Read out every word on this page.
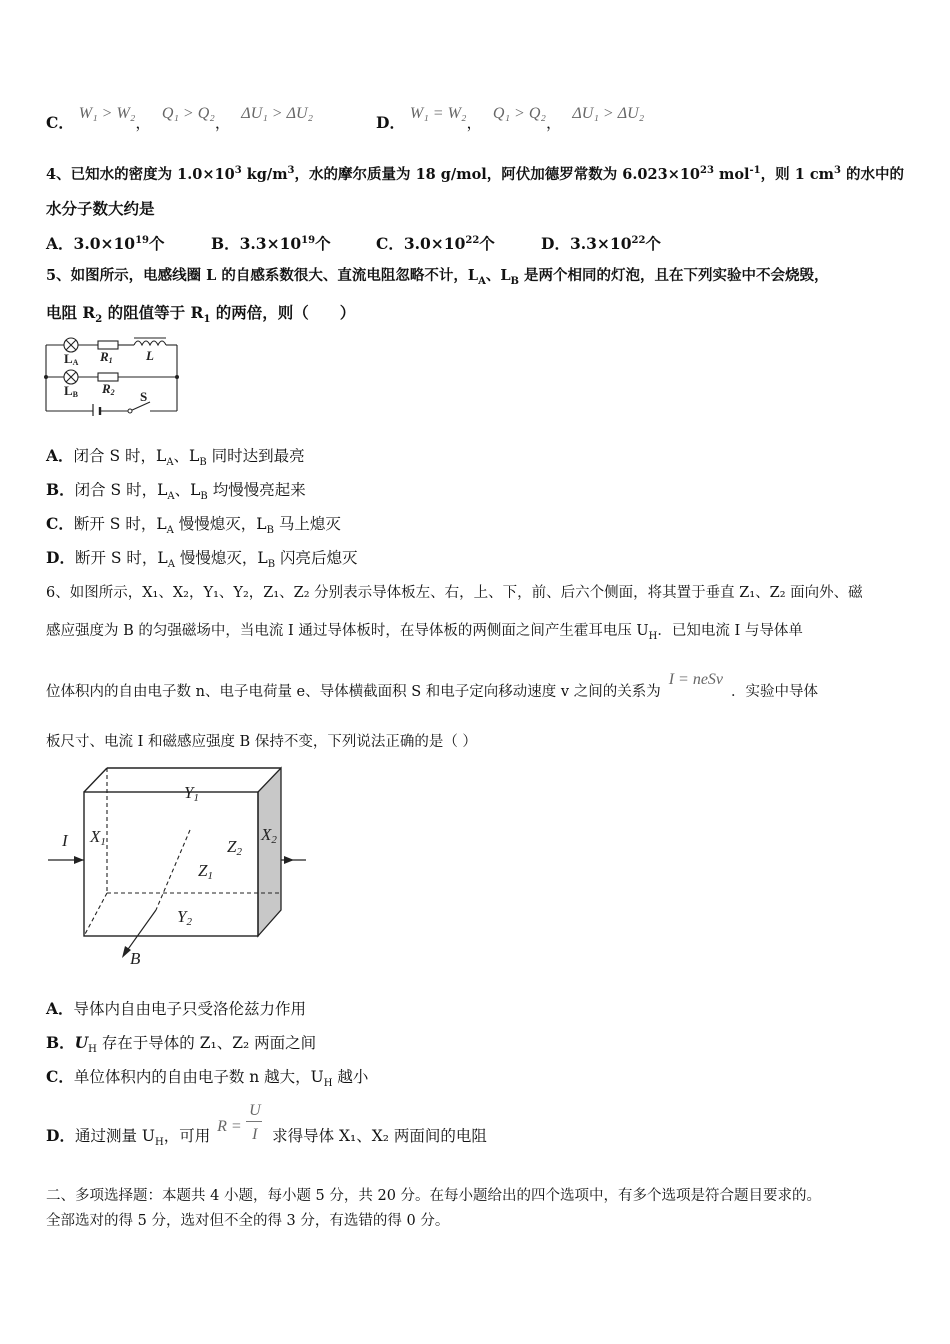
C． W₁ > W₂， Q₁ > Q₂， ΔU₁ > ΔU₂	D． W₁ = W₂， Q₁ > Q₂， ΔU₁ > ΔU₂
4、已知水的密度为 $1.0\times 10^3$ $kg/m^3$，水的摩尔质量为 18 g/mol，阿伏加德罗常数为 $6.023\times 10^{23}$ mol$^{-1}$，则 1 $cm^3$ 的水中的
水分子数大约是
A．$3.0\times 10^{19}$个	B．$3.3\times 10^{19}$个	C．$3.0\times 10^{22}$个	D．$3.3\times 10^{22}$个
5、如图所示，电感线圈 L 的自感系数很大、直流电阻忽略不计，$L_A$、$L_B$ 是两个相同的灯泡，且在下列实验中不会烧毁，
电阻 $R_2$ 的阻值等于 $R_1$ 的两倍，则（　　）
LA R1	L
LB R2 S
A．闭合 S 时，$L_A$、$L_B$ 同时达到最亮
B．闭合 S 时，$L_A$、$L_B$ 均慢慢亮起来
C．断开 S 时，$L_A$ 慢慢熄灭，$L_B$ 马上熄灭
D．断开 S 时，$L_A$ 慢慢熄灭，$L_B$ 闪亮后熄灭
6、如图所示，X₁、X₂，Y₁、Y₂，Z₁、Z₂ 分别表示导体板左、右，上、下，前、后六个侧面，将其置于垂直 Z₁、Z₂ 面向外、磁
感应强度为 B 的匀强磁场中，当电流 I 通过导体板时，在导体板的两侧面之间产生霍耳电压 $U_H$．已知电流 I 与导体单
位体积内的自由电子数 n、电子电荷量 e、导体横截面积 S 和电子定向移动速度 v 之间的关系为I = neSv．实验中导体
板尺寸、电流 I 和磁感应强度 B 保持不变，下列说法正确的是（ ）
Y1
Y2
X1	X2
Z1
Z2
I
B
A．导体内自由电子只受洛伦兹力作用
B．$U_H$ 存在于导体的 Z₁、Z₂ 两面之间
C．单位体积内的自由电子数 n 越大，$U_H$ 越小
D．通过测量 $U_H$，可用
R =
U
I 求得导体 X₁、X₂ 两面间的电阻
二、多项选择题：本题共 4 小题，每小题 5 分，共 20 分。在每小题给出的四个选项中，有多个选项是符合题目要求的。
全部选对的得 5 分，选对但不全的得 3 分，有选错的得 0 分。
